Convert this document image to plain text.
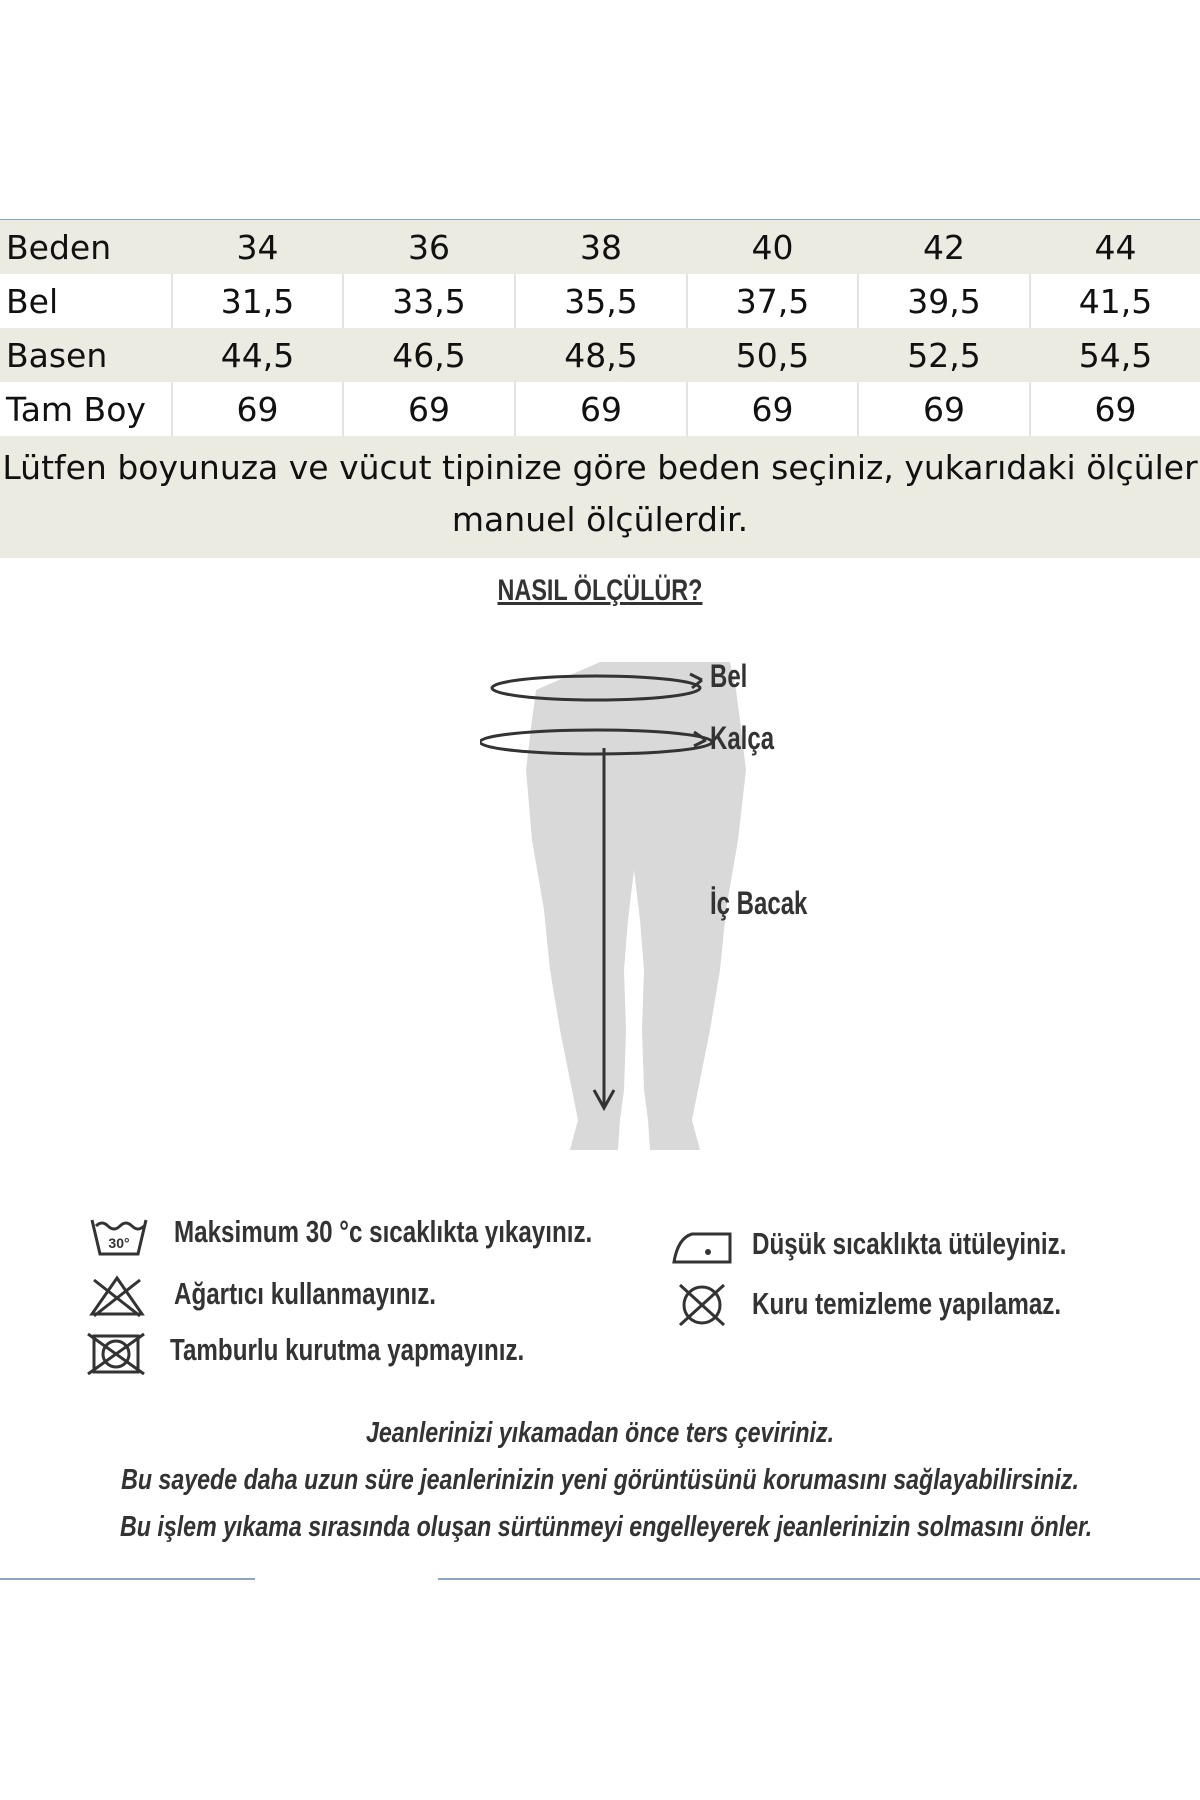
Beden	34	36	38	40	42	44
Bel	31,5	33,5	35,5	37,5	39,5	41,5
Basen	44,5	46,5	48,5	50,5	52,5	54,5
Tam Boy	69	69	69	69	69	69
Lütfen boyunuza ve vücut tipinize göre beden seçiniz, yukarıdaki ölçüler
manuel ölçülerdir.
NASIL ÖLÇÜLÜR?
Bel
Kalça
İç Bacak
30° Maksimum 30 °c sıcaklıkta yıkayınız.
Ağartıcı kullanmayınız.
Tamburlu kurutma yapmayınız.
Düşük sıcaklıkta ütüleyiniz.
Kuru temizleme yapılamaz.
Jeanlerinizi yıkamadan önce ters çeviriniz.
Bu sayede daha uzun süre jeanlerinizin yeni görüntüsünü korumasını sağlayabilirsiniz.
Bu işlem yıkama sırasında oluşan sürtünmeyi engelleyerek jeanlerinizin solmasını önler.
